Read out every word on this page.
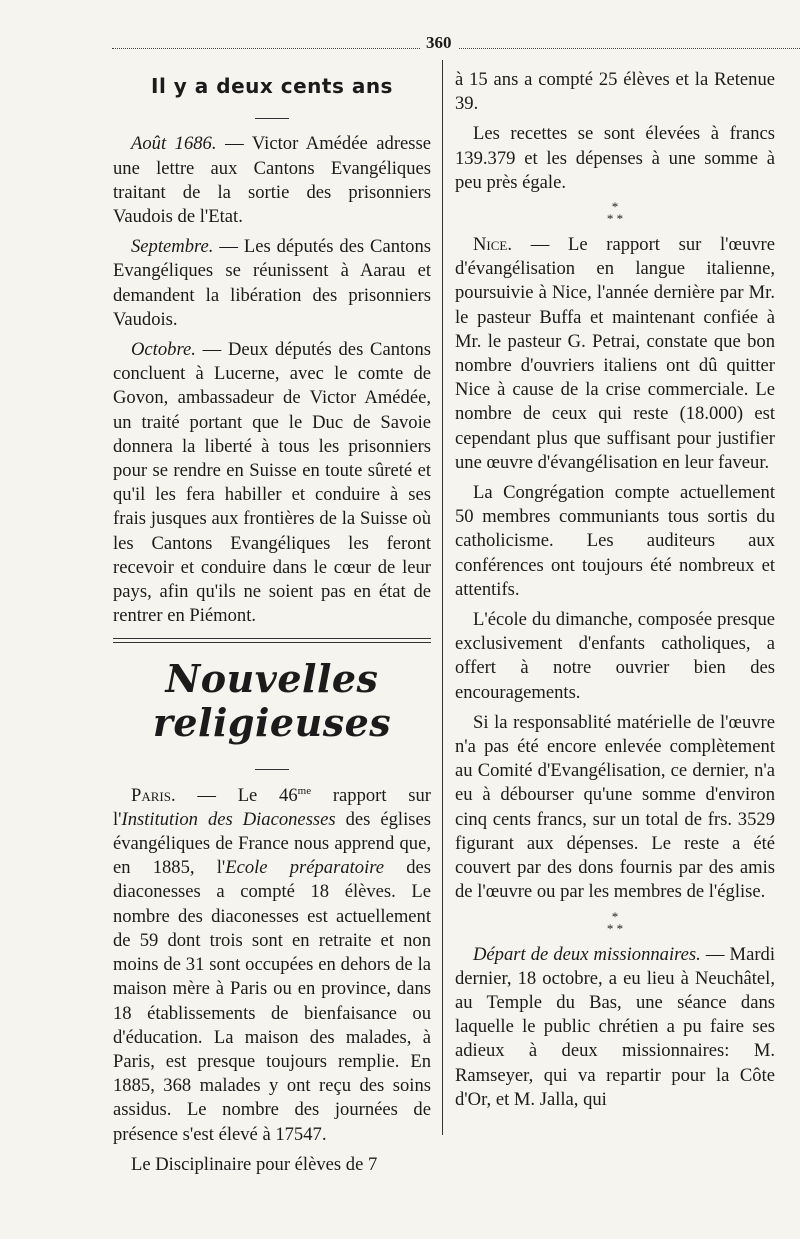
360
Il y a deux cents ans

Août 1686. — Victor Amédée adresse une lettre aux Cantons Evangéliques traitant de la sortie des prisonniers Vaudois de l'Etat.

Septembre. — Les députés des Cantons Evangéliques se réunissent à Aarau et demandent la libération des prisonniers Vaudois.

Octobre. — Deux députés des Cantons concluent à Lucerne, avec le comte de Govon, ambassadeur de Victor Amédée, un traité portant que le Duc de Savoie donnera la liberté à tous les prisonniers pour se rendre en Suisse en toute sûreté et qu'il les fera habiller et conduire à ses frais jusques aux frontières de la Suisse où les Cantons Evangéliques les feront recevoir et conduire dans le cœur de leur pays, afin qu'ils ne soient pas en état de rentrer en Piémont.

Nouvelles religieuses

Paris. — Le $46^{me}$ rapport sur l'Institution des Diaconesses des églises évangéliques de France nous apprend que, en 1885, l'Ecole préparatoire des diaconesses a compté 18 élèves. Le nombre des diaconesses est actuellement de 59 dont trois sont en retraite et non moins de 31 sont occupées en dehors de la maison mère à Paris ou en province, dans 18 établissements de bienfaisance ou d'éducation. La maison des malades, à Paris, est presque toujours remplie. En 1885, 368 malades y ont reçu des soins assidus. Le nombre des journées de présence s'est élevé à 17547.

Le Disciplinaire pour élèves de 7

à 15 ans a compté 25 élèves et la Retenue 39.

Les recettes se sont élevées à francs 139.379 et les dépenses à une somme à peu près égale.

*
* *

Nice. — Le rapport sur l'œuvre d'évangélisation en langue italienne, poursuivie à Nice, l'année dernière par Mr. le pasteur Buffa et maintenant confiée à Mr. le pasteur G. Petrai, constate que bon nombre d'ouvriers italiens ont dû quitter Nice à cause de la crise commerciale. Le nombre de ceux qui reste (18.000) est cependant plus que suffisant pour justifier une œuvre d'évangélisation en leur faveur.

La Congrégation compte actuellement 50 membres communiants tous sortis du catholicisme. Les auditeurs aux conférences ont toujours été nombreux et attentifs.

L'école du dimanche, composée presque exclusivement d'enfants catholiques, a offert à notre ouvrier bien des encouragements.

Si la responsablité matérielle de l'œuvre n'a pas été encore enlevée complètement au Comité d'Evangélisation, ce dernier, n'a eu à débourser qu'une somme d'environ cinq cents francs, sur un total de frs. 3529 figurant aux dépenses. Le reste a été couvert par des dons fournis par des amis de l'œuvre ou par les membres de l'église.

*
* *

Départ de deux missionnaires. — Mardi dernier, 18 octobre, a eu lieu à Neuchâtel, au Temple du Bas, une séance dans laquelle le public chrétien a pu faire ses adieux à deux missionnaires: M. Ramseyer, qui va repartir pour la Côte d'Or, et M. Jalla, qui
